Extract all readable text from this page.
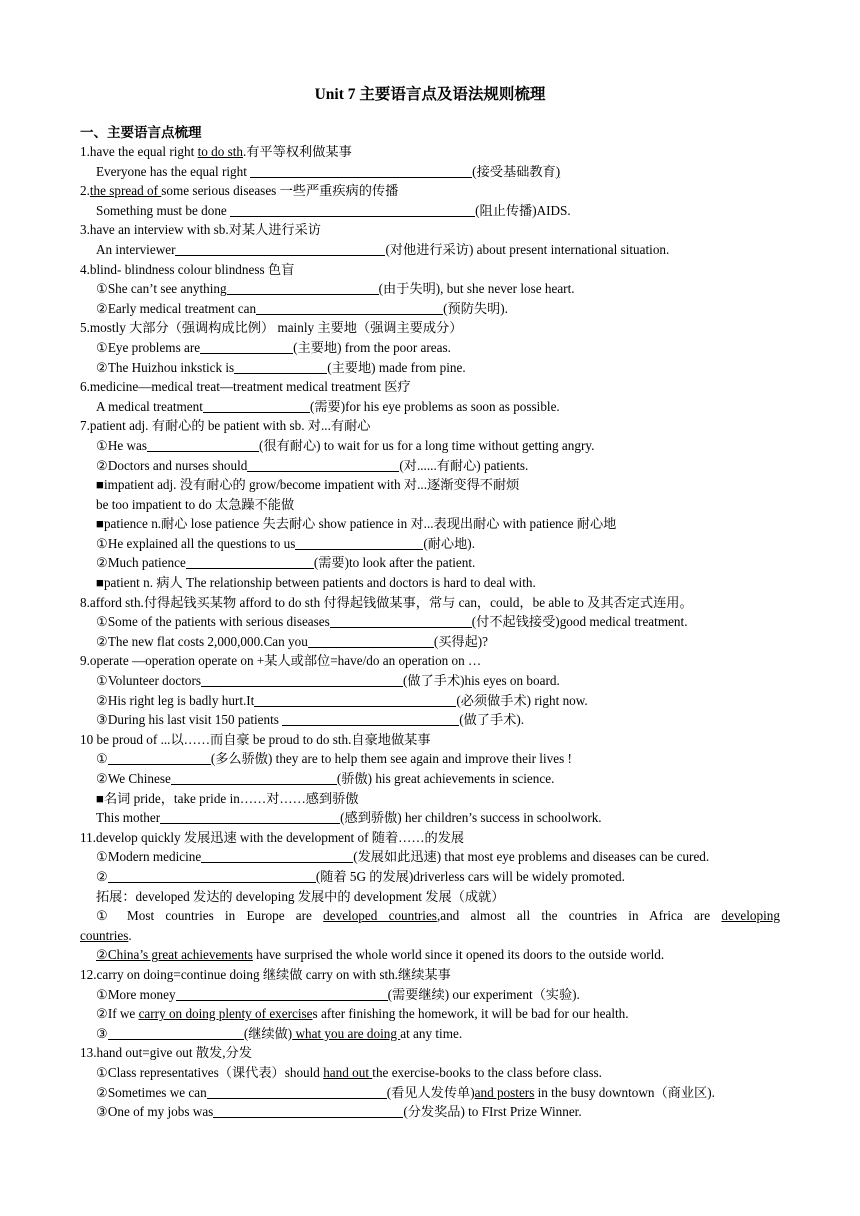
Unit 7 主要语言点及语法规则梳理
一、主要语言点梳理
1.have the equal right to do sth.有平等权利做某事
Everyone has the equal right	(接受基础教育)
2.the spread of some serious diseases 一些严重疾病的传播
Something must be done	(阻止传播)AIDS.
3.have an interview with sb.对某人进行采访
An interviewer	(对他进行采访) about present international situation.
4.blind- blindness colour blindness 色盲
①She can’t see anything	(由于失明), but she never lose heart.
②Early medical treatment can	(预防失明).
5.mostly 大部分（强调构成比例） mainly 主要地（强调主要成分）
①Eye problems are	(主要地) from the poor areas.
②The Huizhou inkstick is	(主要地) made from pine.
6.medicine—medical treat—treatment medical treatment 医疗
A medical treatment	(需要)for his eye problems as soon as possible.
7.patient adj. 有耐心的 be patient with sb. 对...有耐心
①He was	(很有耐心) to wait for us for a long time without getting angry.
②Doctors and nurses should	(对......有耐心) patients.
■impatient adj. 没有耐心的 grow/become impatient with 对...逐渐变得不耐烦
be too impatient to do 太急躁不能做
■patience n.耐心 lose patience 失去耐心 show patience in 对...表现出耐心 with patience 耐心地
①He explained all the questions to us	(耐心地).
②Much patience	(需要)to look after the patient.
■patient n. 病人 The relationship between patients and doctors is hard to deal with.
8.afford sth.付得起钱买某物 afford to do sth 付得起钱做某事，常与 can，could，be able to 及其否定式连用。
①Some of the patients with serious diseases	(付不起钱接受)good medical treatment.
②The new flat costs 2,000,000.Can you	(买得起)?
9.operate —operation operate on +某人或部位=have/do an operation on …
①Volunteer doctors	(做了手术)his eyes on board.
②His right leg is badly hurt.It	(必须做手术) right now.
③During his last visit 150 patients	(做了手术).
10 be proud of ...以……而自豪 be proud to do sth.自豪地做某事
①	(多么骄傲) they are to help them see again and improve their lives !
②We Chinese	(骄傲) his great achievements in science.
■名词 pride，take pride in……对……感到骄傲
This mother	(感到骄傲) her children’s success in schoolwork.
11.develop quickly 发展迅速 with the development of 随着……的发展
①Modern medicine	(发展如此迅速) that most eye problems and diseases can be cured.
②	(随着 5G 的发展)driverless cars will be widely promoted.
拓展：developed 发达的 developing 发展中的 development 发展（成就）
① Most countries in Europe are developed countries,and almost all the countries in Africa are developing
countries.
②China’s great achievements have surprised the whole world since it opened its doors to the outside world.
12.carry on doing=continue doing 继续做 carry on with sth.继续某事
①More money	(需要继续) our experiment（实验).
②If we carry on doing plenty of exercises after finishing the homework, it will be bad for our health.
③	(继续做) what you are doing at any time.
13.hand out=give out 散发,分发
①Class representatives（课代表）should hand out the exercise-books to the class before class.
②Sometimes we can	(看见人发传单)and posters in the busy downtown（商业区).
③One of my jobs was	(分发奖品) to FIrst Prize Winner.
